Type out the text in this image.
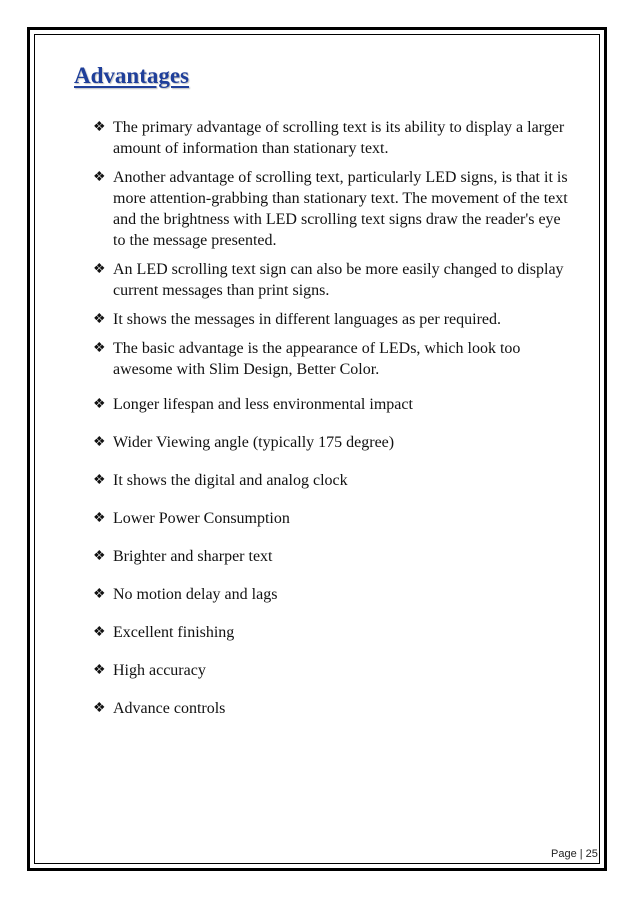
Advantages
❖ The primary advantage of scrolling text is its ability to display a larger amount of information than stationary text.
❖ Another advantage of scrolling text, particularly LED signs, is that it is more attention-grabbing than stationary text. The movement of the text and the brightness with LED scrolling text signs draw the reader's eye to the message presented.
❖ An LED scrolling text sign can also be more easily changed to display current messages than print signs.
❖ It shows the messages in different languages as per required.
❖ The basic advantage is the appearance of LEDs, which look too awesome with Slim Design, Better Color.
❖ Longer lifespan and less environmental impact
❖ Wider Viewing angle (typically 175 degree)
❖ It shows the digital and analog clock
❖ Lower Power Consumption
❖ Brighter and sharper text
❖ No motion delay and lags
❖ Excellent finishing
❖ High accuracy
❖ Advance controls
Page | 25
